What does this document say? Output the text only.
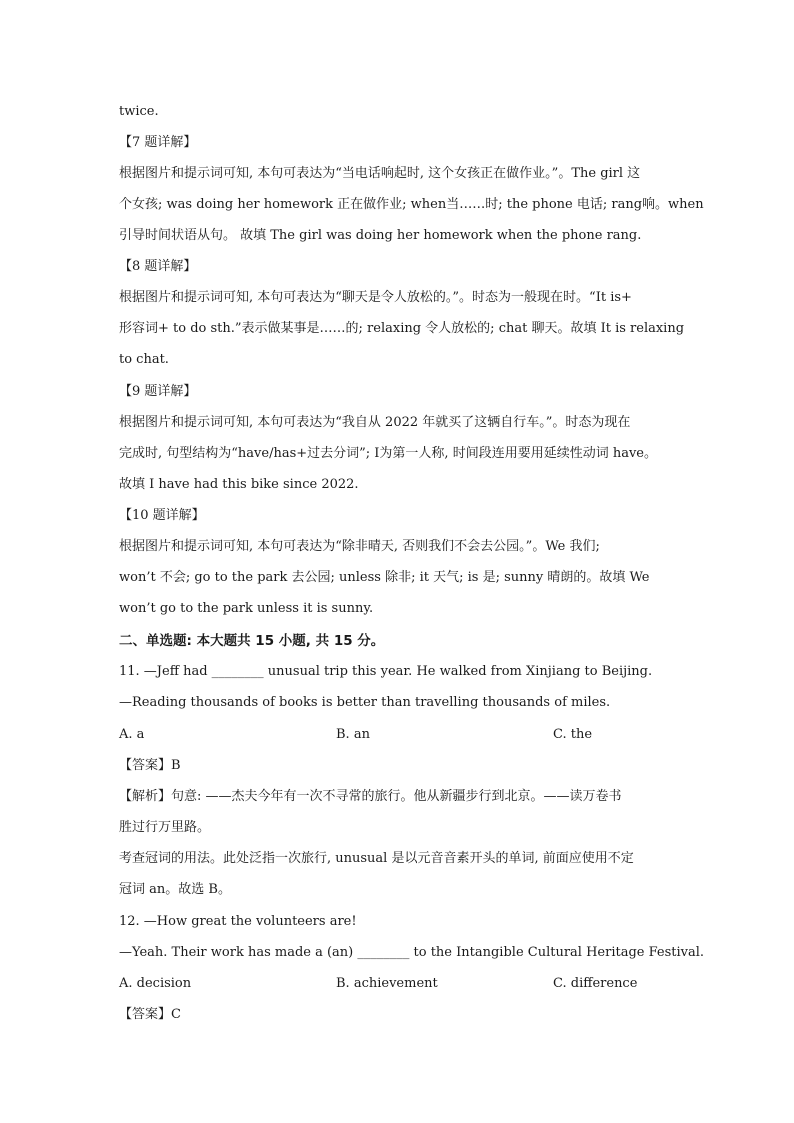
twice.
【7 题详解】
根据图片和提示词可知, 本句可表达为“当电话响起时, 这个女孩正在做作业。”。The girl 这
个女孩; was doing her homework 正在做作业; when当……时; the phone 电话; rang响。when
引导时间状语从句。 故填 The girl was doing her homework when the phone rang.
【8 题详解】
根据图片和提示词可知, 本句可表达为“聊天是令人放松的。”。时态为一般现在时。“It is+
形容词+ to do sth.”表示做某事是……的; relaxing 令人放松的; chat 聊天。故填 It is relaxing
to chat.
【9 题详解】
根据图片和提示词可知, 本句可表达为“我自从 2022 年就买了这辆自行车。”。时态为现在
完成时, 句型结构为“have/has+过去分词”; I为第一人称, 时间段连用要用延续性动词 have。
故填 I have had this bike since 2022.
【10 题详解】
根据图片和提示词可知, 本句可表达为“除非晴天, 否则我们不会去公园。”。We 我们;
won’t 不会; go to the park 去公园; unless 除非; it 天气; is 是; sunny 晴朗的。故填 We
won’t go to the park unless it is sunny.
二、单选题: 本大题共 15 小题, 共 15 分。
11. —Jeff had ________ unusual trip this year. He walked from Xinjiang to Beijing.
—Reading thousands of books is better than travelling thousands of miles.
A. a	B. an	C. the
【答案】B
【解析】句意: ——杰夫今年有一次不寻常的旅行。他从新疆步行到北京。——读万卷书
胜过行万里路。
考查冠词的用法。此处泛指一次旅行, unusual 是以元音音素开头的单词, 前面应使用不定
冠词 an。故选 B。
12. —How great the volunteers are!
—Yeah. Their work has made a (an) ________ to the Intangible Cultural Heritage Festival.
A. decision	B. achievement	C. difference
【答案】C
